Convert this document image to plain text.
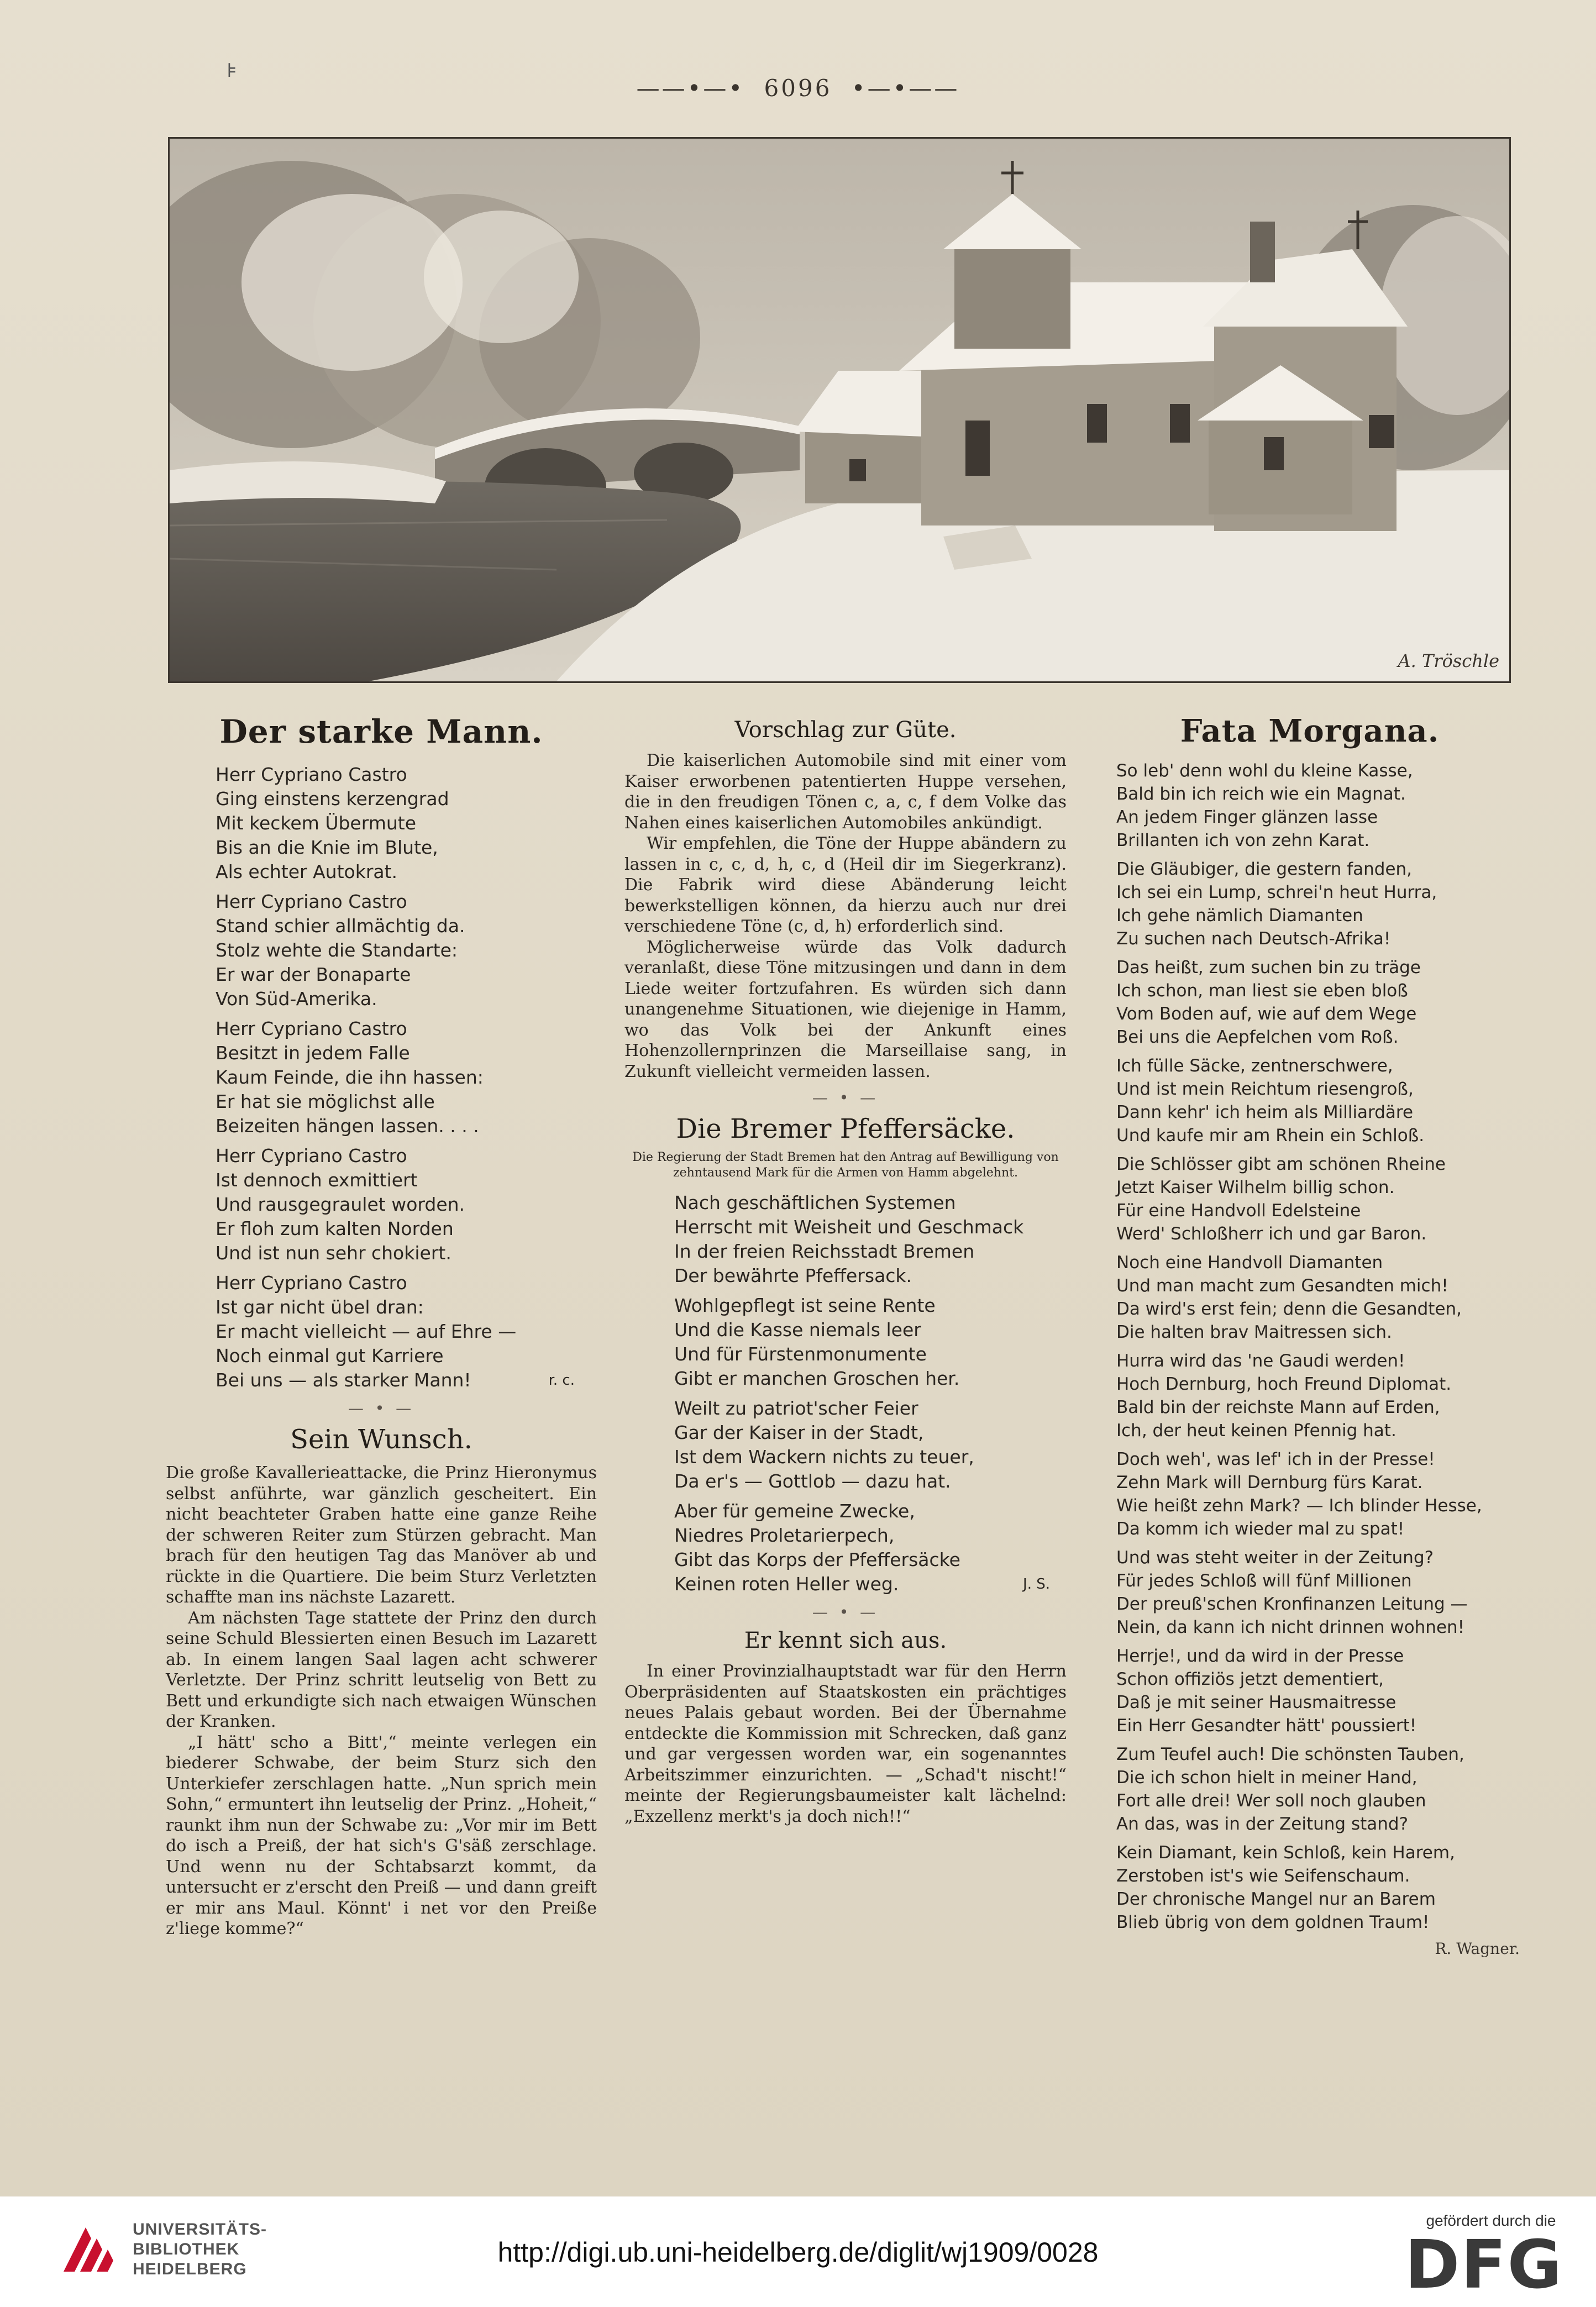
⊧
——•—• 6096 •—•——
A. Tröschle
Der starke Mann.
Herr Cypriano Castro
Ging einstens kerzengrad
Mit keckem Übermute
Bis an die Knie im Blute,
Als echter Autokrat.
Herr Cypriano Castro
Stand schier allmächtig da.
Stolz wehte die Standarte:
Er war der Bonaparte
Von Süd-Amerika.
Herr Cypriano Castro
Besitzt in jedem Falle
Kaum Feinde, die ihn hassen:
Er hat sie möglichst alle
Beizeiten hängen lassen. . . .
Herr Cypriano Castro
Ist dennoch exmittiert
Und rausgegraulet worden.
Er floh zum kalten Norden
Und ist nun sehr chokiert.
Herr Cypriano Castro
Ist gar nicht übel dran:
Er macht vielleicht — auf Ehre —
Noch einmal gut Karriere
Bei uns — als starker Mann!	r. c.
— • —
Sein Wunsch.

Die große Kavallerieattacke, die Prinz Hieronymus selbst anführte, war gänzlich gescheitert. Ein nicht beachteter Graben hatte eine ganze Reihe der schweren Reiter zum Stürzen gebracht. Man brach für den heutigen Tag das Manöver ab und rückte in die Quartiere. Die beim Sturz Verletzten schaffte man ins nächste Lazarett.

Am nächsten Tage stattete der Prinz den durch seine Schuld Blessierten einen Besuch im Lazarett ab. In einem langen Saal lagen acht schwerer Verletzte. Der Prinz schritt leutselig von Bett zu Bett und erkundigte sich nach etwaigen Wünschen der Kranken.

„I hätt' scho a Bitt',“ meinte verlegen ein biederer Schwabe, der beim Sturz sich den Unterkiefer zerschlagen hatte. „Nun sprich mein Sohn,“ ermuntert ihn leutselig der Prinz. „Hoheit,“ raunkt ihm nun der Schwabe zu: „Vor mir im Bett do isch a Preiß, der hat sich's G'säß zerschlage. Und wenn nu der Schtabsarzt kommt, da untersucht er z'erscht den Preiß — und dann greift er mir ans Maul. Könnt' i net vor den Preiße z'liege komme?“

Vorschlag zur Güte.

Die kaiserlichen Automobile sind mit einer vom Kaiser erworbenen patentierten Huppe versehen, die in den freudigen Tönen c, a, c, f dem Volke das Nahen eines kaiserlichen Automobiles ankündigt.

Wir empfehlen, die Töne der Huppe abändern zu lassen in c, c, d, h, c, d (Heil dir im Siegerkranz). Die Fabrik wird diese Abänderung leicht bewerkstelligen können, da hierzu auch nur drei verschiedene Töne (c, d, h) erforderlich sind.

Möglicherweise würde das Volk dadurch veranlaßt, diese Töne mitzusingen und dann in dem Liede weiter fortzufahren. Es würden sich dann unangenehme Situationen, wie diejenige in Hamm, wo das Volk bei der Ankunft eines Hohenzollernprinzen die Marseillaise sang, in Zukunft vielleicht vermeiden lassen.

— • —
Die Bremer Pfeffersäcke.
Die Regierung der Stadt Bremen hat den Antrag auf Bewilligung von zehntausend Mark für die Armen von Hamm abgelehnt.
Nach geschäftlichen Systemen
Herrscht mit Weisheit und Geschmack
In der freien Reichsstadt Bremen
Der bewährte Pfeffersack.
Wohlgepflegt ist seine Rente
Und die Kasse niemals leer
Und für Fürstenmonumente
Gibt er manchen Groschen her.
Weilt zu patriot'scher Feier
Gar der Kaiser in der Stadt,
Ist dem Wackern nichts zu teuer,
Da er's — Gottlob — dazu hat.
Aber für gemeine Zwecke,
Niedres Proletarierpech,
Gibt das Korps der Pfeffersäcke
Keinen roten Heller weg.	J. S.
— • —
Er kennt sich aus.

In einer Provinzialhauptstadt war für den Herrn Oberpräsidenten auf Staatskosten ein prächtiges neues Palais gebaut worden. Bei der Übernahme entdeckte die Kommission mit Schrecken, daß ganz und gar vergessen worden war, ein sogenanntes Arbeitszimmer einzurichten. — „Schad't nischt!“ meinte der Regierungsbaumeister kalt lächelnd: „Exzellenz merkt's ja doch nich!!“

Fata Morgana.
So leb' denn wohl du kleine Kasse,
Bald bin ich reich wie ein Magnat.
An jedem Finger glänzen lasse
Brillanten ich von zehn Karat.
Die Gläubiger, die gestern fanden,
Ich sei ein Lump, schrei'n heut Hurra,
Ich gehe nämlich Diamanten
Zu suchen nach Deutsch-Afrika!
Das heißt, zum suchen bin zu träge
Ich schon, man liest sie eben bloß
Vom Boden auf, wie auf dem Wege
Bei uns die Aepfelchen vom Roß.
Ich fülle Säcke, zentnerschwere,
Und ist mein Reichtum riesengroß,
Dann kehr' ich heim als Milliardäre
Und kaufe mir am Rhein ein Schloß.
Die Schlösser gibt am schönen Rheine
Jetzt Kaiser Wilhelm billig schon.
Für eine Handvoll Edelsteine
Werd' Schloßherr ich und gar Baron.
Noch eine Handvoll Diamanten
Und man macht zum Gesandten mich!
Da wird's erst fein; denn die Gesandten,
Die halten brav Maitressen sich.
Hurra wird das 'ne Gaudi werden!
Hoch Dernburg, hoch Freund Diplomat.
Bald bin der reichste Mann auf Erden,
Ich, der heut keinen Pfennig hat.
Doch weh', was lef' ich in der Presse!
Zehn Mark will Dernburg fürs Karat.
Wie heißt zehn Mark? — Ich blinder Hesse,
Da komm ich wieder mal zu spat!
Und was steht weiter in der Zeitung?
Für jedes Schloß will fünf Millionen
Der preuß'schen Kronfinanzen Leitung —
Nein, da kann ich nicht drinnen wohnen!
Herrje!, und da wird in der Presse
Schon offiziös jetzt dementiert,
Daß je mit seiner Hausmaitresse
Ein Herr Gesandter hätt' poussiert!
Zum Teufel auch! Die schönsten Tauben,
Die ich schon hielt in meiner Hand,
Fort alle drei! Wer soll noch glauben
An das, was in der Zeitung stand?
Kein Diamant, kein Schloß, kein Harem,
Zerstoben ist's wie Seifenschaum.
Der chronische Mangel nur an Barem
Blieb übrig von dem goldnen Traum!
R. Wagner.
UNIVERSITÄTS-
BIBLIOTHEK
HEIDELBERG
http://digi.ub.uni-heidelberg.de/diglit/wj1909/0028
gefördert durch die
DFG
